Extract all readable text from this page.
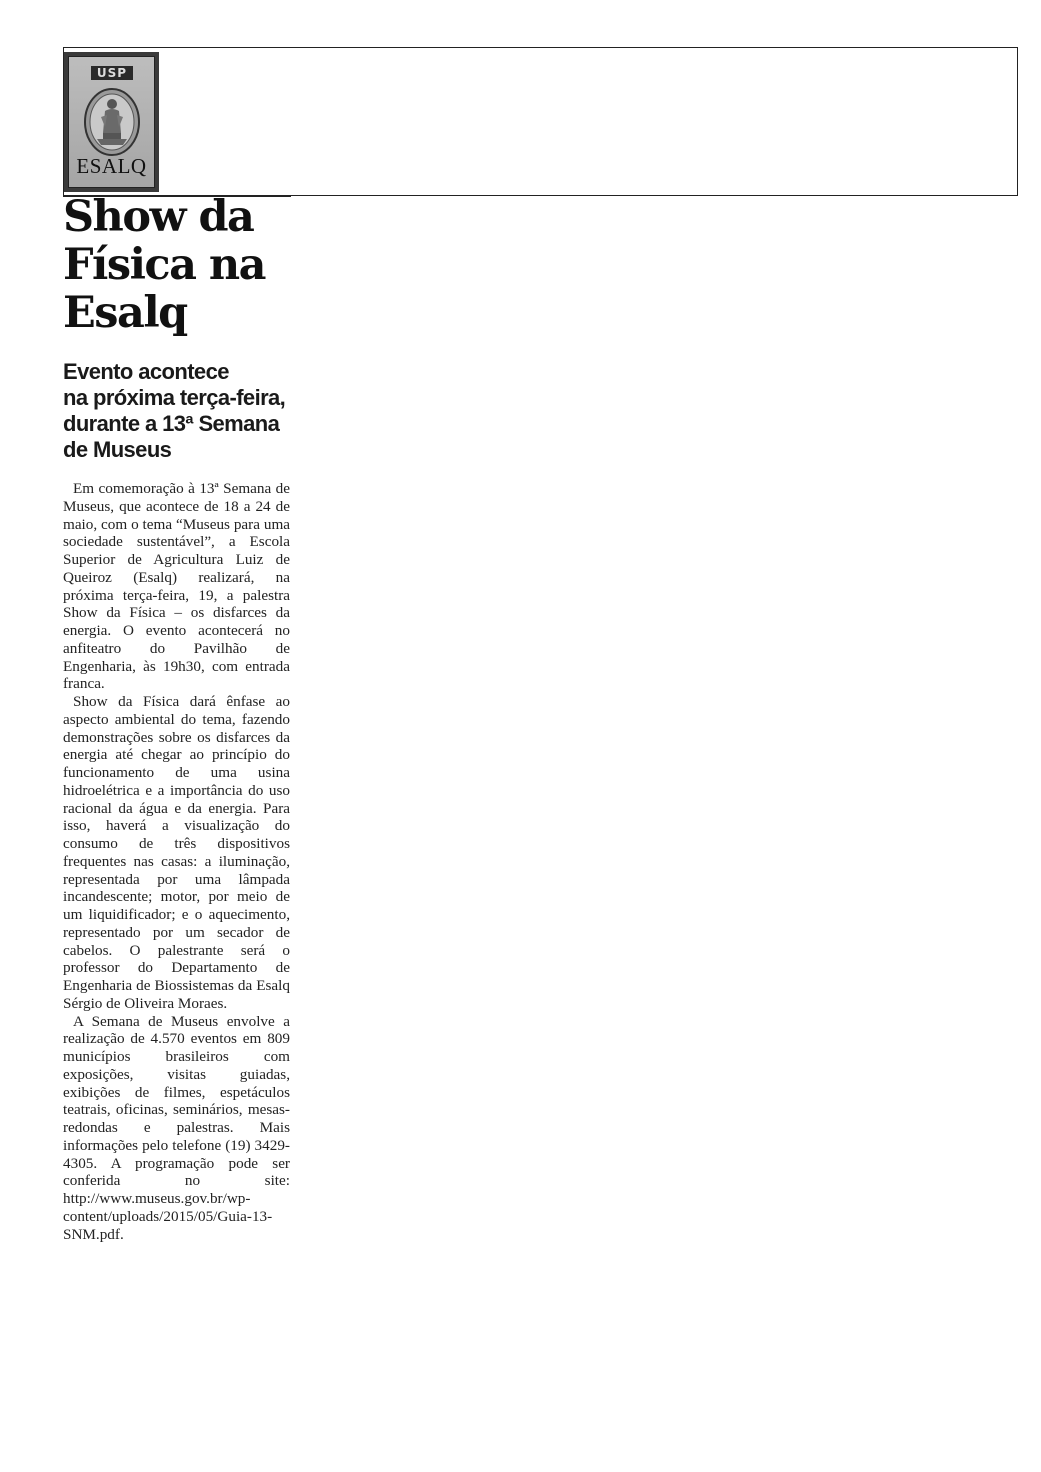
USP
ESALQ
Show da Física na Esalq
Evento acontece
na próxima terça-feira,
durante a 13ª Semana
de Museus

Em comemoração à 13ª Semana de Museus, que acontece de 18 a 24 de maio, com o tema “Museus para uma sociedade sustentável”, a Escola Superior de Agricultura Luiz de Queiroz (Esalq) realizará, na próxima terça-feira, 19, a palestra Show da Física – os disfarces da energia. O evento acontecerá no anfiteatro do Pavilhão de Engenharia, às 19h30, com entrada franca.

Show da Física dará ênfase ao aspecto ambiental do tema, fazendo demonstrações sobre os disfarces da energia até chegar ao princípio do funcionamento de uma usina hidroelétrica e a importância do uso racional da água e da energia. Para isso, haverá a visualização do consumo de três dispositivos frequentes nas casas: a iluminação, representada por uma lâmpada incandescente; motor, por meio de um liquidificador; e o aquecimento, representado por um secador de cabelos. O palestrante será o professor do Departamento de Engenharia de Biossistemas da Esalq Sérgio de Oliveira Moraes.

A Semana de Museus envolve a realização de 4.570 eventos em 809 municípios brasileiros com exposições, visitas guiadas, exibições de filmes, espetáculos teatrais, oficinas, seminários, mesas-redondas e palestras. Mais informações pelo telefone (19) 3429-4305. A programação pode ser conferida no site: http://www.museus.gov.br/wp-content/uploads/2015/05/Guia-13-SNM.pdf.
